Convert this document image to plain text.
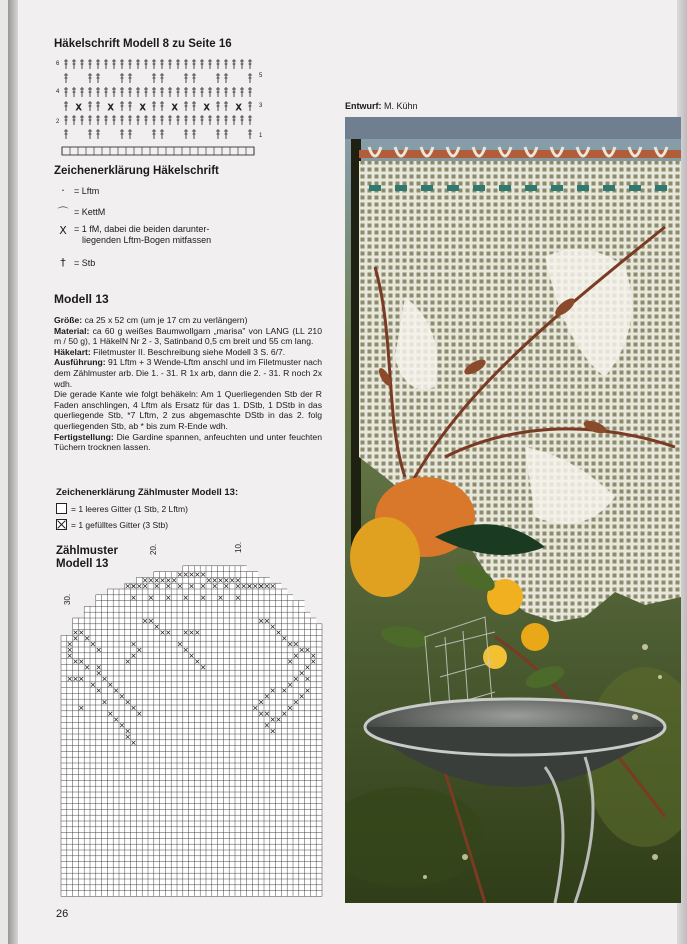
Häkelschrift Modell 8 zu Seite 16
X	X	X	X	X	X
6
5
4
3
2
1
Zeichenerklärung Häkelschrift
·	= Lftm
⌒ = KettM
X = 1 fM, dabei die beiden darunter-
liegenden Lftm-Bogen mitfassen
† = Stb
Modell 13

Größe: ca 25 x 52 cm (um je 17 cm zu verlängern)

Material: ca 60 g weißes Baumwollgarn „marisa" von LANG (LL 210 m / 50 g), 1 HäkelN Nr 2 - 3, Satinband 0,5 cm breit und 55 cm lang.

Häkelart: Filetmuster II. Beschreibung siehe Modell 3 S. 6/7.

Ausführung: 91 Lftm + 3 Wende-Lftm anschl und im Filetmuster nach dem Zählmuster arb. Die 1. - 31. R 1x arb, dann die 2. - 31. R noch 2x wdh.

Die gerade Kante wie folgt behäkeln: Am 1 Querliegenden Stb der R Faden anschlingen, 4 Lftm als Ersatz für das 1. DStb, 1 DStb in das querliegende Stb, *7 Lftm, 2 zus abgemaschte DStb in das 2. folg querliegenden Stb, ab * bis zum R-Ende wdh.

Fertigstellung: Die Gardine spannen, anfeuchten und unter feuchten Tüchern trocknen lassen.

Zeichenerklärung Zählmuster Modell 13:
= 1 leeres Gitter (1 Stb, 2 Lftm)
= 1 gefülltes Gitter (3 Stb)
Zählmuster
Modell 13
20.	10.
30.
Entwurf: M. Kühn
26
